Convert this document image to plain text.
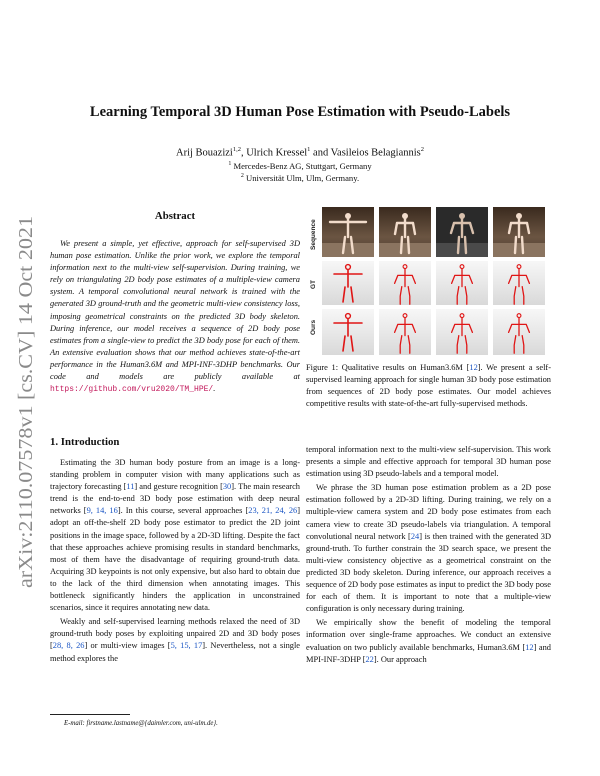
arXiv:2110.07578v1 [cs.CV] 14 Oct 2021
Learning Temporal 3D Human Pose Estimation with Pseudo-Labels
Arij Bouazizi$^{1,2}$, Ulrich Kressel$^1$ and Vasileios Belagiannis$^2$
$^1$ Mercedes-Benz AG, Stuttgart, Germany
$^2$ Universität Ulm, Ulm, Germany.
Abstract
We present a simple, yet effective, approach for self-supervised 3D human pose estimation. Unlike the prior work, we explore the temporal information next to the multi-view self-supervision. During training, we rely on triangulating 2D body pose estimates of a multiple-view camera system. A temporal convolutional neural network is trained with the generated 3D ground-truth and the geometric multi-view consistency loss, imposing geometrical constraints on the predicted 3D body skeleton. During inference, our model receives a sequence of 2D body pose estimates from a single-view to predict the 3D body pose for each of them. An extensive evaluation shows that our method achieves state-of-the-art performance in the Human3.6M and MPI-INF-3DHP benchmarks. Our code and models are publicly available at https://github.com/vru2020/TM_HPE/.
1. Introduction

Estimating the 3D human body posture from an image is a long-standing problem in computer vision with many applications such as trajectory forecasting [11] and gesture recognition [30]. The main research trend is the end-to-end 3D body pose estimation with deep neural networks [9, 14, 16]. In this course, several approaches [23, 21, 24, 26] adopt an off-the-shelf 2D body pose estimator to predict the 2D joint positions in the image space, followed by a 2D-3D lifting. Despite the fact that these approaches achieve promising results in standard benchmarks, most of them have the disadvantage of requiring ground-truth data. Acquiring 3D keypoints is not only expensive, but also hard to obtain due to the lack of the third dimension when annotating images. This bottleneck significantly hinders the application in unconstrained scenarios, since it requires annotating new data.

Weakly and self-supervised learning methods relaxed the need of 3D ground-truth body poses by exploiting unpaired 2D and 3D body poses [28, 8, 26] or multi-view images [5, 15, 17]. Nevertheless, not a single method explores the

E-mail: firstname.lastname@{daimler.com, uni-ulm.de}.
Sequence
GT
Ours
Figure 1: Qualitative results on Human3.6M [12]. We present a self-supervised learning approach for single human 3D body pose estimation from sequences of 2D body pose estimates. Our model achieves competitive results with state-of-the-art fully-supervised methods.

temporal information next to the multi-view self-supervision. This work presents a simple and effective approach for temporal 3D human pose estimation using 3D pseudo-labels and a temporal model.

We phrase the 3D human pose estimation problem as a 2D pose estimation followed by a 2D-3D lifting. During training, we rely on a multiple-view camera system and 2D body pose estimates from each camera view to create 3D pseudo-labels via triangulation. A temporal convolutional neural network [24] is then trained with the generated 3D ground-truth. To further constrain the 3D search space, we present the multi-view consistency objective as a geometrical constraint on the predicted 3D body skeleton. During inference, our approach receives a sequence of 2D body pose estimates as input to predict the 3D body pose for each of them. It is important to note that a multiple-view configuration is only necessary during training.

We empirically show the benefit of modeling the temporal information over single-frame approaches. We conduct an extensive evaluation on two publicly available benchmarks, Human3.6M [12] and MPI-INF-3DHP [22]. Our approach
